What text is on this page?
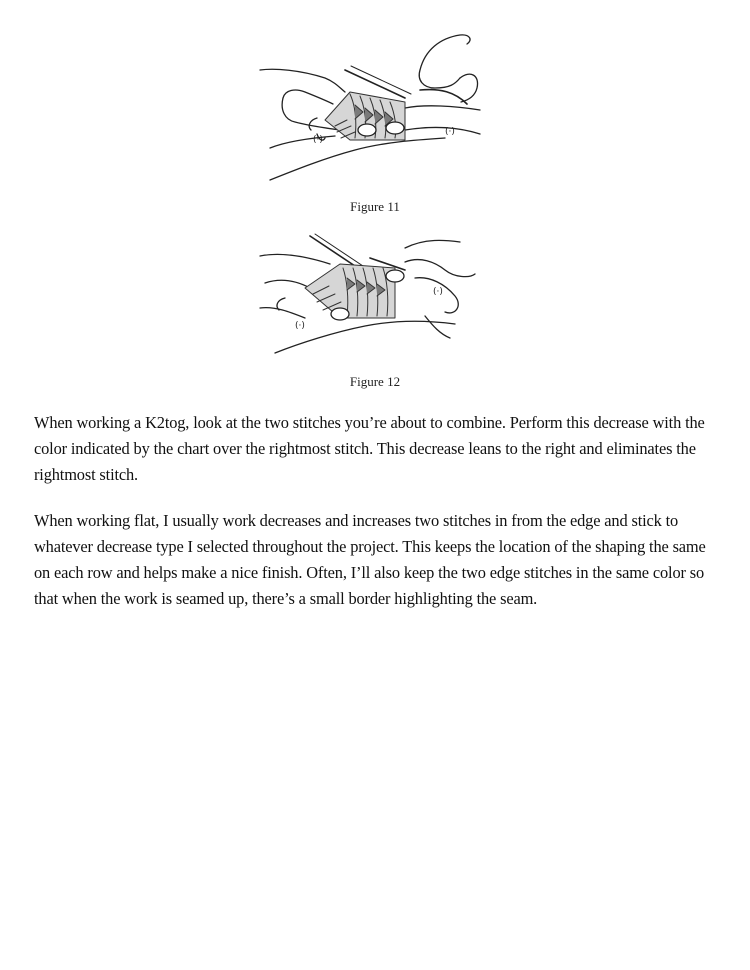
(·)
(·)
Figure 11
(·)
(·)
Figure 12

When working a K2tog, look at the two stitches you’re about to combine. Perform this decrease with the color indicated by the chart over the rightmost stitch. This decrease leans to the right and eliminates the rightmost stitch.

When working flat, I usually work decreases and increases two stitches in from the edge and stick to whatever decrease type I selected throughout the project. This keeps the location of the shaping the same on each row and helps make a nice finish. Often, I’ll also keep the two edge stitches in the same color so that when the work is seamed up, there’s a small border highlighting the seam.
